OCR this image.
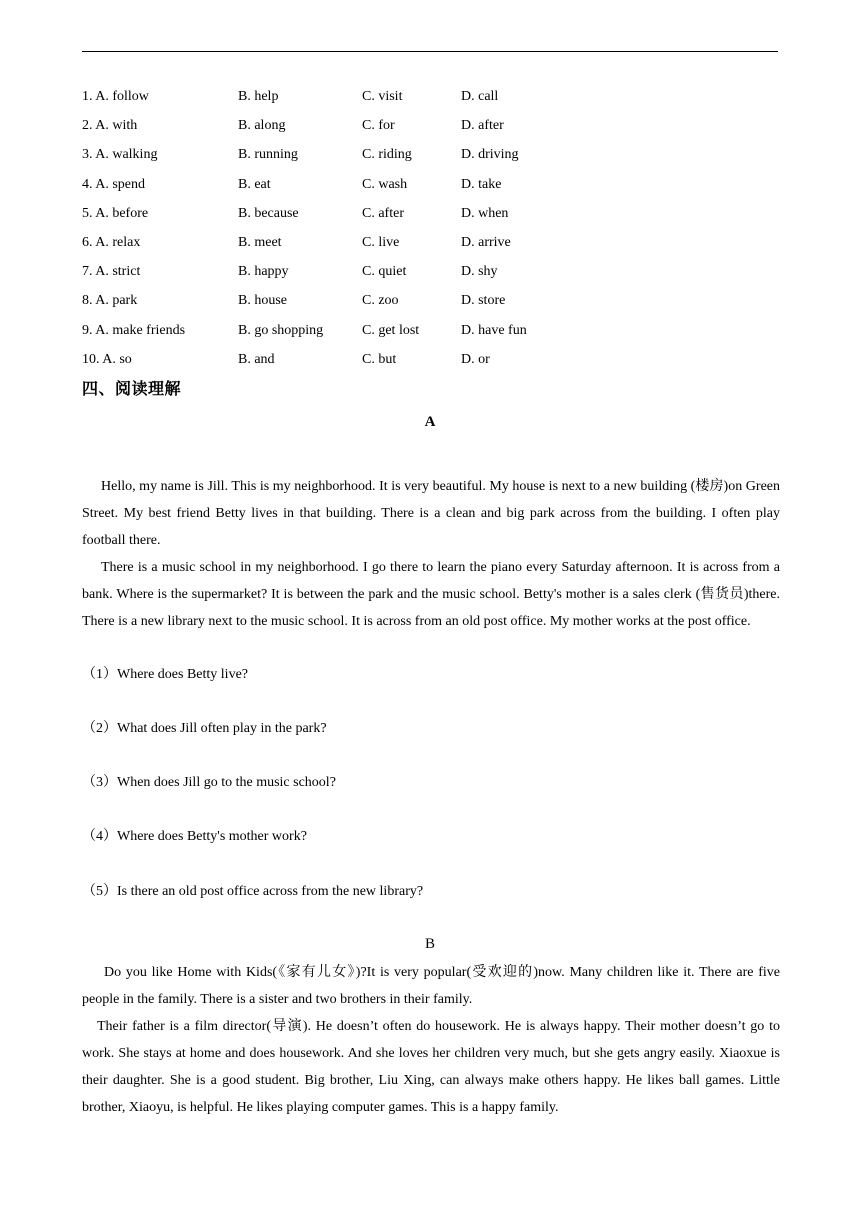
1. A. follow	B. help	C. visit	D. call
2. A. with	B. along	C. for	D. after
3. A. walking	B. running	C. riding	D. driving
4. A. spend	B. eat	C. wash	D. take
5. A. before	B. because	C. after	D. when
6. A. relax	B. meet	C. live	D. arrive
7. A. strict	B. happy	C. quiet	D. shy
8. A. park	B. house	C. zoo	D. store
9. A. make friends	B. go shopping	C. get lost	D. have fun
10. A. so	B. and	C. but	D. or
四、阅读理解
A

Hello, my name is Jill. This is my neighborhood. It is very beautiful. My house is next to a new building (楼房)on Green Street. My best friend Betty lives in that building. There is a clean and big park across from the building. I often play football there.

There is a music school in my neighborhood. I go there to learn the piano every Saturday afternoon. It is across from a bank. Where is the supermarket? It is between the park and the music school. Betty's mother is a sales clerk (售货员)there. There is a new library next to the music school. It is across from an old post office. My mother works at the post office.

（1）Where does Betty live?
（2）What does Jill often play in the park?
（3）When does Jill go to the music school?
（4）Where does Betty's mother work?
（5）Is there an old post office across from the new library?
B

Do you like Home with Kids(《家有儿女》)?It is very popular(受欢迎的)now. Many children like it. There are five people in the family. There is a sister and two brothers in their family.

Their father is a film director(导演). He doesn’t often do housework. He is always happy. Their mother doesn’t go to work. She stays at home and does housework. And she loves her children very much, but she gets angry easily. Xiaoxue is their daughter. She is a good student. Big brother, Liu Xing, can always make others happy. He likes ball games. Little brother, Xiaoyu, is helpful. He likes playing computer games. This is a happy family.
